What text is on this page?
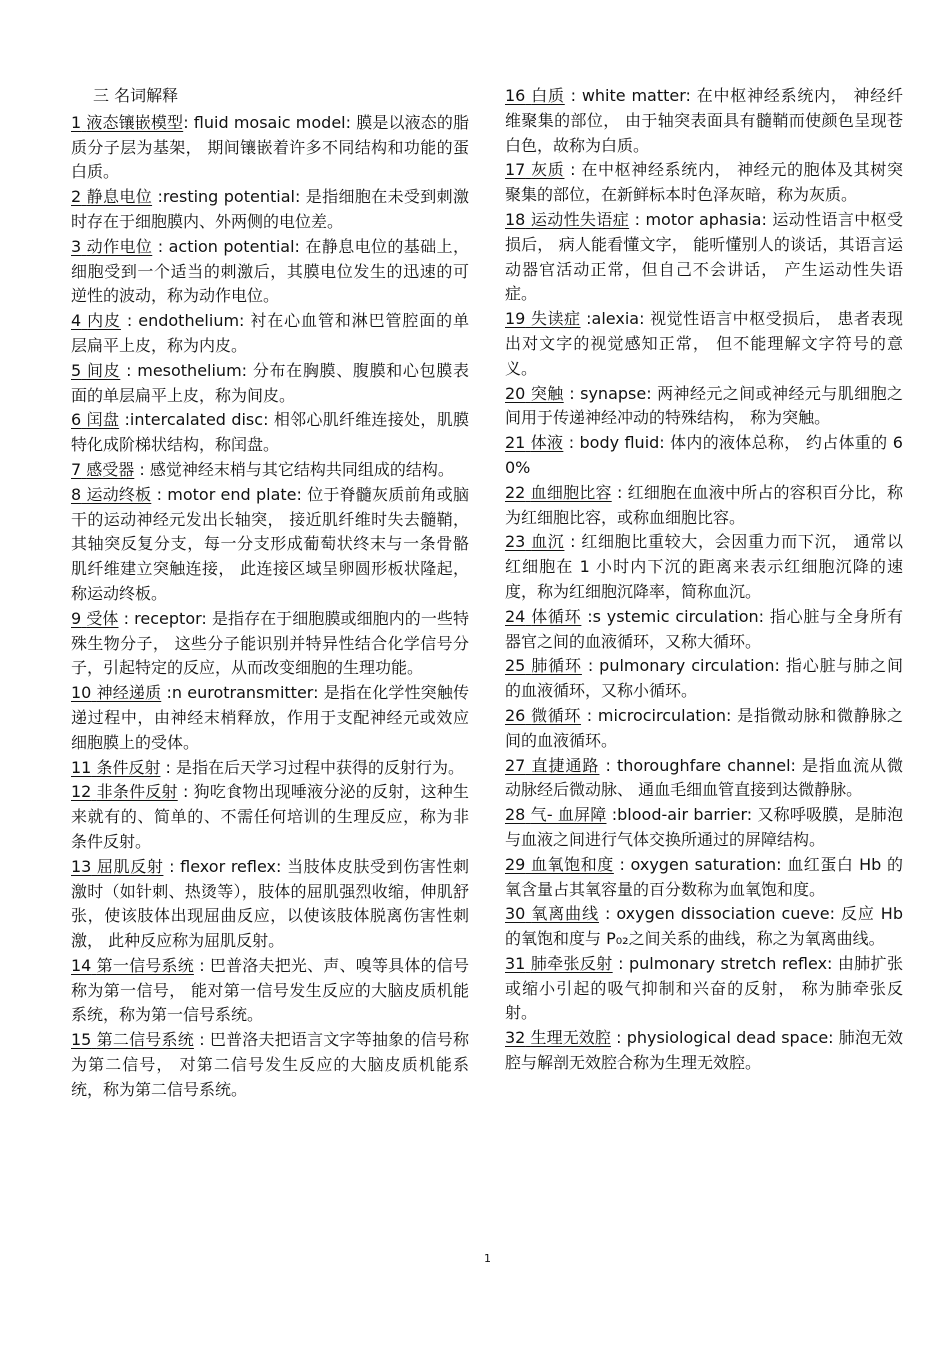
三 名词解释

1 液态镶嵌模型: fluid mosaic model: 膜是以液态的脂质分子层为基架， 期间镶嵌着许多不同结构和功能的蛋白质。

2 静息电位 :resting potential: 是指细胞在未受到刺激时存在于细胞膜内、外两侧的电位差。

3 动作电位 : action potential: 在静息电位的基础上，细胞受到一个适当的刺激后，其膜电位发生的迅速的可逆性的波动，称为动作电位。

4 内皮 : endothelium: 衬在心血管和淋巴管腔面的单层扁平上皮，称为内皮。

5 间皮 : mesothelium: 分布在胸膜、腹膜和心包膜表面的单层扁平上皮，称为间皮。

6 闰盘 :intercalated disc: 相邻心肌纤维连接处，肌膜特化成阶梯状结构，称闰盘。

7 感受器 : 感觉神经末梢与其它结构共同组成的结构。

8 运动终板 : motor end plate: 位于脊髓灰质前角或脑干的运动神经元发出长轴突， 接近肌纤维时失去髓鞘，其轴突反复分支，每一分支形成葡萄状终末与一条骨骼肌纤维建立突触连接， 此连接区域呈卵圆形板状隆起，称运动终板。

9 受体 : receptor: 是指存在于细胞膜或细胞内的一些特殊生物分子， 这些分子能识别并特异性结合化学信号分子，引起特定的反应，从而改变细胞的生理功能。

10 神经递质 :n eurotransmitter: 是指在化学性突触传递过程中，由神经末梢释放，作用于支配神经元或效应细胞膜上的受体。

11 条件反射 : 是指在后天学习过程中获得的反射行为。

12 非条件反射 : 狗吃食物出现唾液分泌的反射，这种生来就有的、简单的、不需任何培训的生理反应，称为非条件反射。

13 屈肌反射 : flexor reflex: 当肢体皮肤受到伤害性刺激时（如针刺、热烫等），肢体的屈肌强烈收缩，伸肌舒张，使该肢体出现屈曲反应，以使该肢体脱离伤害性刺激， 此种反应称为屈肌反射。

14 第一信号系统 : 巴普洛夫把光、声、嗅等具体的信号称为第一信号， 能对第一信号发生反应的大脑皮质机能系统，称为第一信号系统。

15 第二信号系统 : 巴普洛夫把语言文字等抽象的信号称为第二信号， 对第二信号发生反应的大脑皮质机能系统，称为第二信号系统。

16 白质 : white matter: 在中枢神经系统内， 神经纤维聚集的部位， 由于轴突表面具有髓鞘而使颜色呈现苍白色，故称为白质。

17 灰质 : 在中枢神经系统内， 神经元的胞体及其树突聚集的部位，在新鲜标本时色泽灰暗，称为灰质。

18 运动性失语症 : motor aphasia: 运动性语言中枢受损后， 病人能看懂文字， 能听懂别人的谈话，其语言运动器官活动正常，但自己不会讲话， 产生运动性失语症。

19 失读症 :alexia: 视觉性语言中枢受损后， 患者表现出对文字的视觉感知正常， 但不能理解文字符号的意义。

20 突触 : synapse: 两神经元之间或神经元与肌细胞之间用于传递神经冲动的特殊结构， 称为突触。

21 体液 : body fluid: 体内的液体总称， 约占体重的 60%

22 血细胞比容 : 红细胞在血液中所占的容积百分比，称为红细胞比容，或称血细胞比容。

23 血沉 : 红细胞比重较大，会因重力而下沉， 通常以红细胞在 1 小时内下沉的距离来表示红细胞沉降的速度，称为红细胞沉降率，简称血沉。

24 体循环 :s ystemic circulation: 指心脏与全身所有器官之间的血液循环，又称大循环。

25 肺循环 : pulmonary circulation: 指心脏与肺之间的血液循环，又称小循环。

26 微循环 : microcirculation: 是指微动脉和微静脉之间的血液循环。

27 直捷通路 : thoroughfare channel: 是指血流从微动脉经后微动脉、 通血毛细血管直接到达微静脉。

28 气- 血屏障 :blood-air barrier: 又称呼吸膜，是肺泡与血液之间进行气体交换所通过的屏障结构。

29 血氧饱和度 : oxygen saturation: 血红蛋白 Hb 的氧含量占其氧容量的百分数称为血氧饱和度。

30 氧离曲线 : oxygen dissociation cueve: 反应 Hb 的氧饱和度与 P₀₂之间关系的曲线，称之为氧离曲线。

31 肺牵张反射 : pulmonary stretch reflex: 由肺扩张或缩小引起的吸气抑制和兴奋的反射， 称为肺牵张反射。

32 生理无效腔 : physiological dead space: 肺泡无效腔与解剖无效腔合称为生理无效腔。

1
